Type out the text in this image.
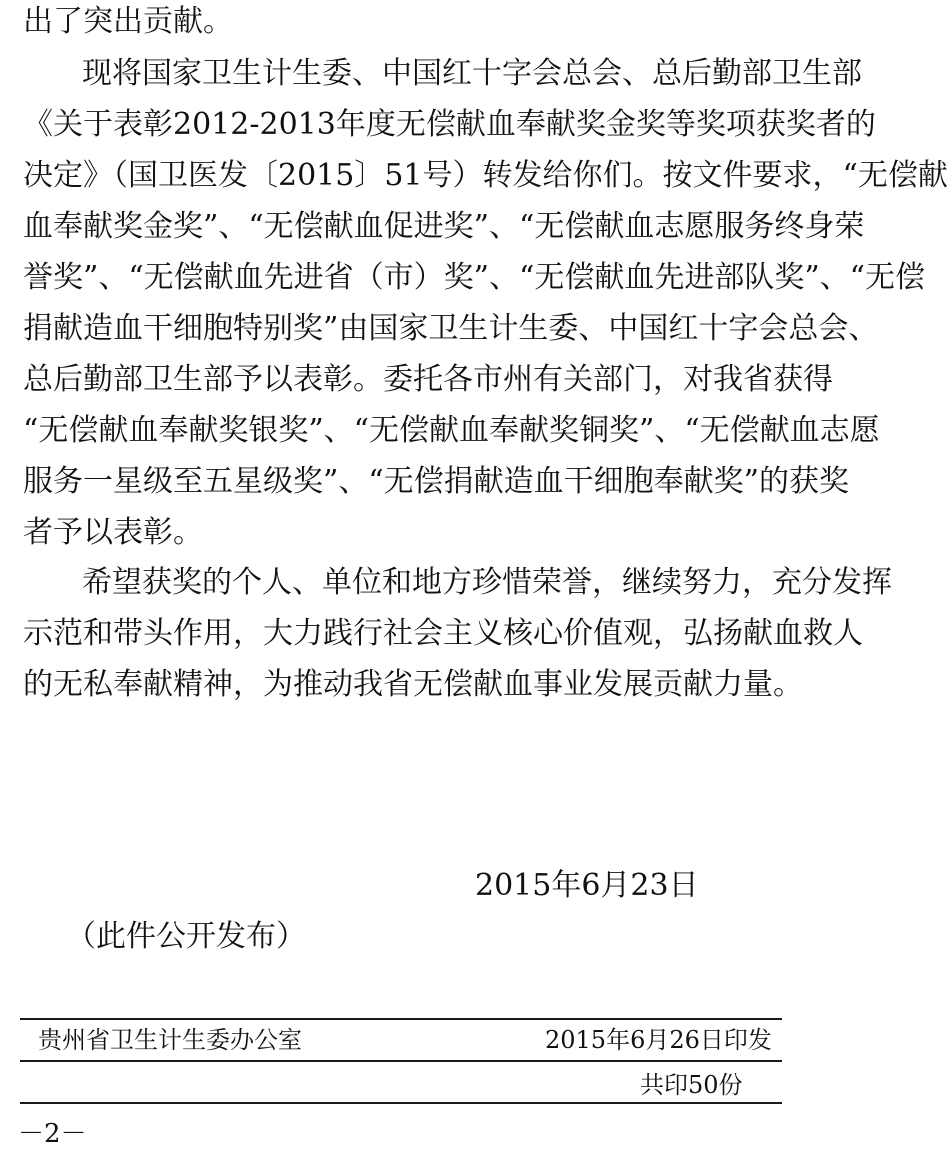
出了突出贡献。
现将国家卫生计生委、中国红十字会总会、总后勤部卫生部
《关于表彰2012-2013年度无偿献血奉献奖金奖等奖项获奖者的
决定》（国卫医发〔2015〕51号）转发给你们。按文件要求，“无偿献
血奉献奖金奖”、“无偿献血促进奖”、“无偿献血志愿服务终身荣
誉奖”、“无偿献血先进省（市）奖”、“无偿献血先进部队奖”、“无偿
捐献造血干细胞特别奖”由国家卫生计生委、中国红十字会总会、
总后勤部卫生部予以表彰。委托各市州有关部门，对我省获得
“无偿献血奉献奖银奖”、“无偿献血奉献奖铜奖”、“无偿献血志愿
服务一星级至五星级奖”、“无偿捐献造血干细胞奉献奖”的获奖
者予以表彰。
希望获奖的个人、单位和地方珍惜荣誉，继续努力，充分发挥
示范和带头作用，大力践行社会主义核心价值观，弘扬献血救人
的无私奉献精神，为推动我省无偿献血事业发展贡献力量。
2015年6月23日
（此件公开发布）
贵州省卫生计生委办公室	2015年6月26日印发
共印50份
－2－
